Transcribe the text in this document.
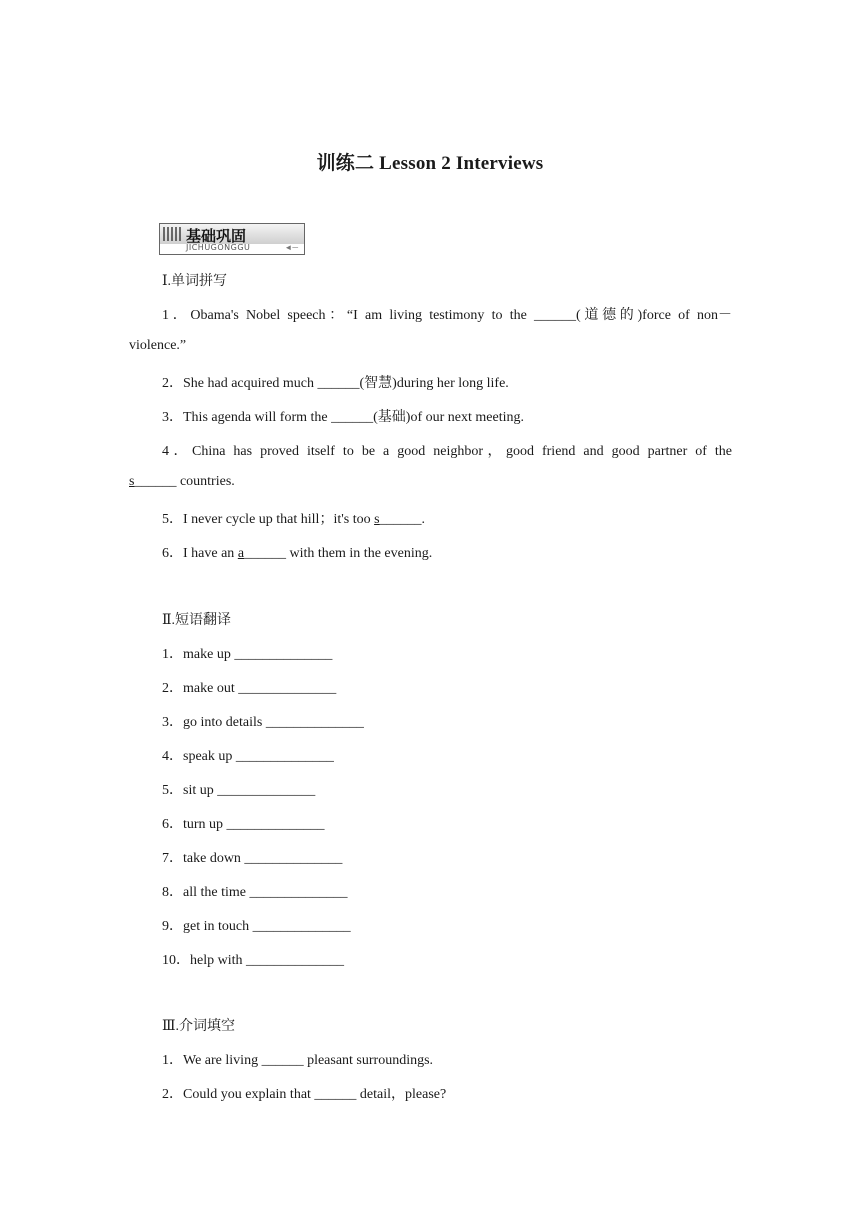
训练二 Lesson 2 Interviews
基础巩固
JICHUGONGGU	◄─
Ⅰ.单词拼写
1．Obama's Nobel speech：“I am living testimony to the ______(道德的)force of non－
violence.”
2．She had acquired much ______(智慧)during her long life.
3．This agenda will form the ______(基础)of our next meeting.
4．China has proved itself to be a good neighbor，good friend and good partner of the
s______ countries.
5．I never cycle up that hill；it's too s______.
6．I have an a______ with them in the evening.
Ⅱ.短语翻译
1．make up ______________
2．make out ______________
3．go into details ______________
4．speak up ______________
5．sit up ______________
6．turn up ______________
7．take down ______________
8．all the time ______________
9．get in touch ______________
10．help with ______________
Ⅲ.介词填空
1．We are living ______ pleasant surroundings.
2．Could you explain that ______ detail，please?
